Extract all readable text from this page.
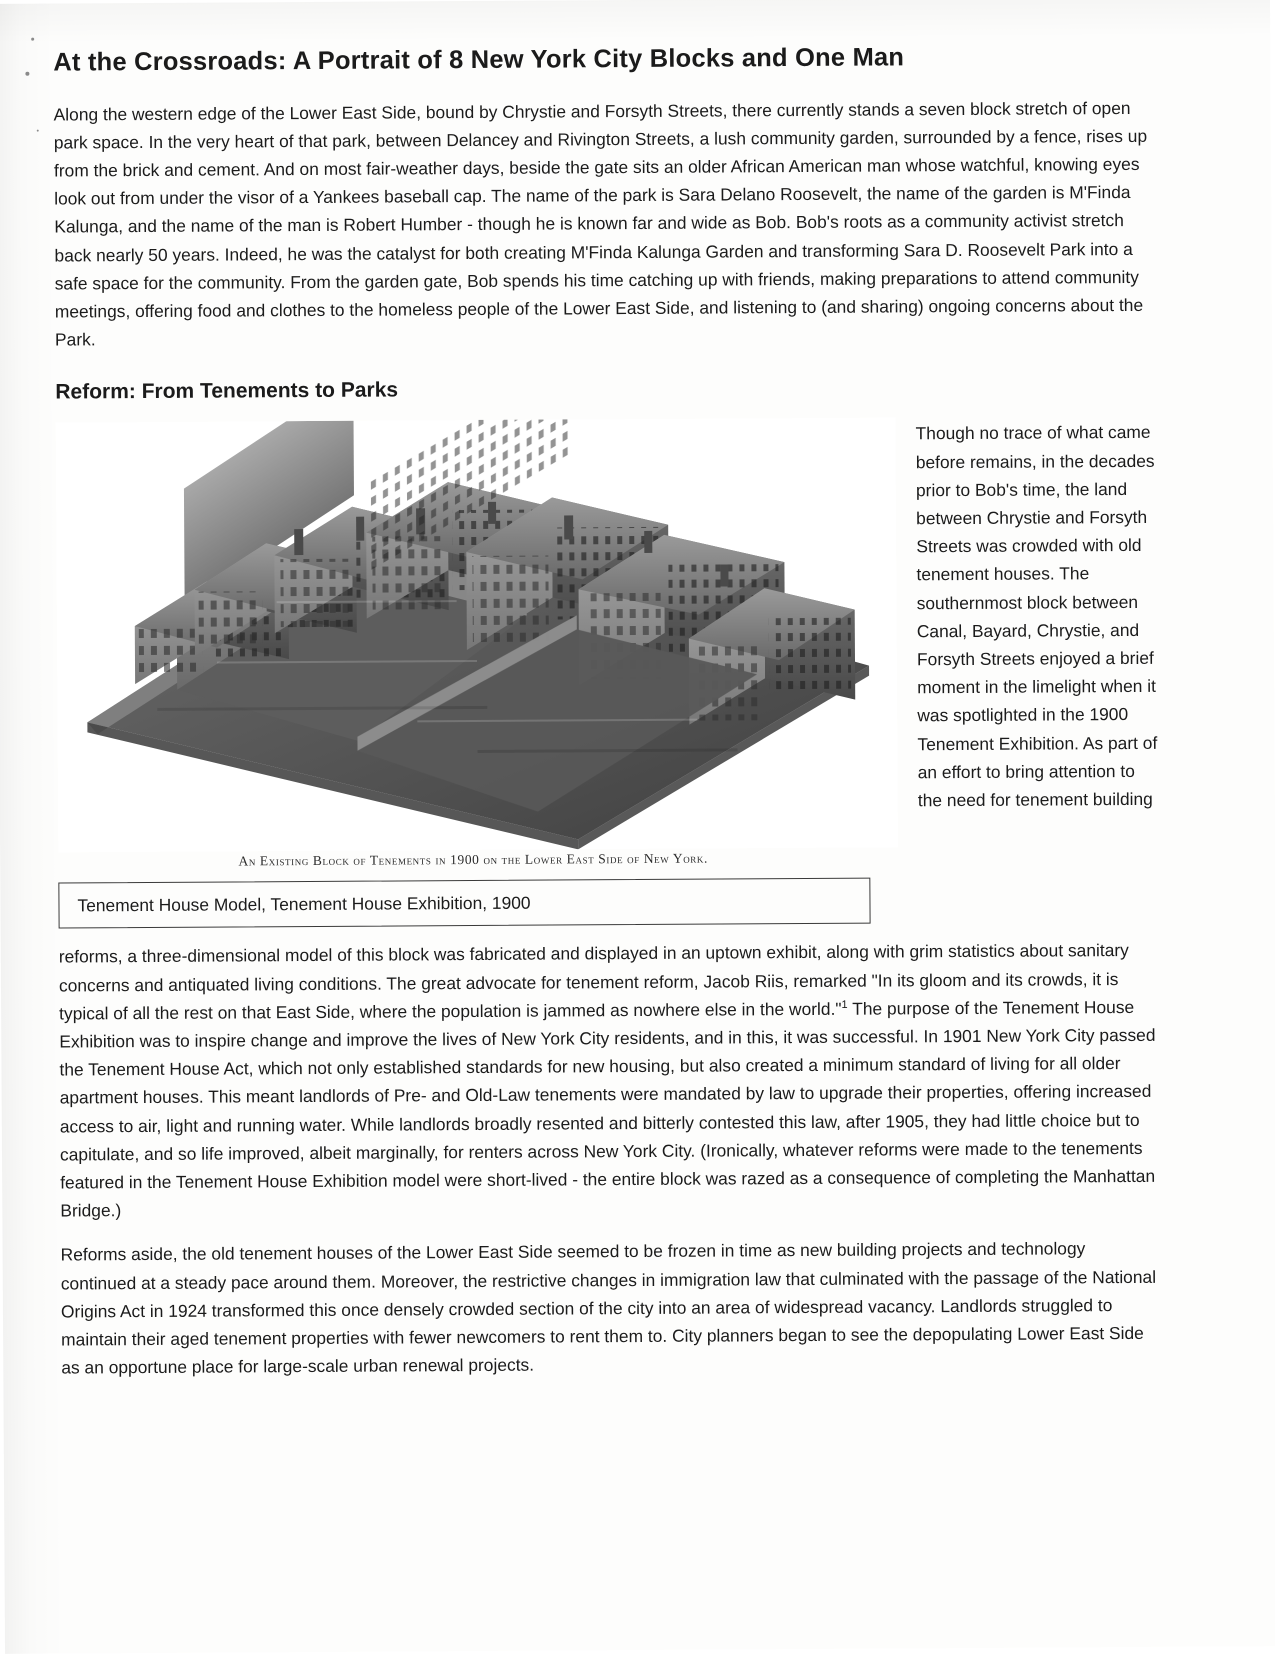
At the Crossroads: A Portrait of 8 New York City Blocks and One Man

Along the western edge of the Lower East Side, bound by Chrystie and Forsyth Streets, there currently stands a seven block stretch of open park space. In the very heart of that park, between Delancey and Rivington Streets, a lush community garden, surrounded by a fence, rises up from the brick and cement. And on most fair-weather days, beside the gate sits an older African American man whose watchful, knowing eyes look out from under the visor of a Yankees baseball cap. The name of the park is Sara Delano Roosevelt, the name of the garden is M'Finda Kalunga, and the name of the man is Robert Humber - though he is known far and wide as Bob. Bob's roots as a community activist stretch back nearly 50 years. Indeed, he was the catalyst for both creating M'Finda Kalunga Garden and transforming Sara D. Roosevelt Park into a safe space for the community. From the garden gate, Bob spends his time catching up with friends, making preparations to attend community meetings, offering food and clothes to the homeless people of the Lower East Side, and listening to (and sharing) ongoing concerns about the Park.

Reform: From Tenements to Parks
Though no trace of what came before remains, in the decades prior to Bob's time, the land between Chrystie and Forsyth Streets was crowded with old tenement houses. The southernmost block between Canal, Bayard, Chrystie, and Forsyth Streets enjoyed a brief moment in the limelight when it was spotlighted in the 1900 Tenement Exhibition. As part of an effort to bring attention to the need for tenement building
An Existing Block of Tenements in 1900 on the Lower East Side of New York.
Tenement House Model, Tenement House Exhibition, 1900

reforms, a three-dimensional model of this block was fabricated and displayed in an uptown exhibit, along with grim statistics about sanitary concerns and antiquated living conditions. The great advocate for tenement reform, Jacob Riis, remarked "In its gloom and its crowds, it is typical of all the rest on that East Side, where the population is jammed as nowhere else in the world."$^1$ The purpose of the Tenement House Exhibition was to inspire change and improve the lives of New York City residents, and in this, it was successful. In 1901 New York City passed the Tenement House Act, which not only established standards for new housing, but also created a minimum standard of living for all older apartment houses. This meant landlords of Pre- and Old-Law tenements were mandated by law to upgrade their properties, offering increased access to air, light and running water. While landlords broadly resented and bitterly contested this law, after 1905, they had little choice but to capitulate, and so life improved, albeit marginally, for renters across New York City. (Ironically, whatever reforms were made to the tenements featured in the Tenement House Exhibition model were short-lived - the entire block was razed as a consequence of completing the Manhattan Bridge.)

Reforms aside, the old tenement houses of the Lower East Side seemed to be frozen in time as new building projects and technology continued at a steady pace around them. Moreover, the restrictive changes in immigration law that culminated with the passage of the National Origins Act in 1924 transformed this once densely crowded section of the city into an area of widespread vacancy. Landlords struggled to maintain their aged tenement properties with fewer newcomers to rent them to. City planners began to see the depopulating Lower East Side as an opportune place for large-scale urban renewal projects.
